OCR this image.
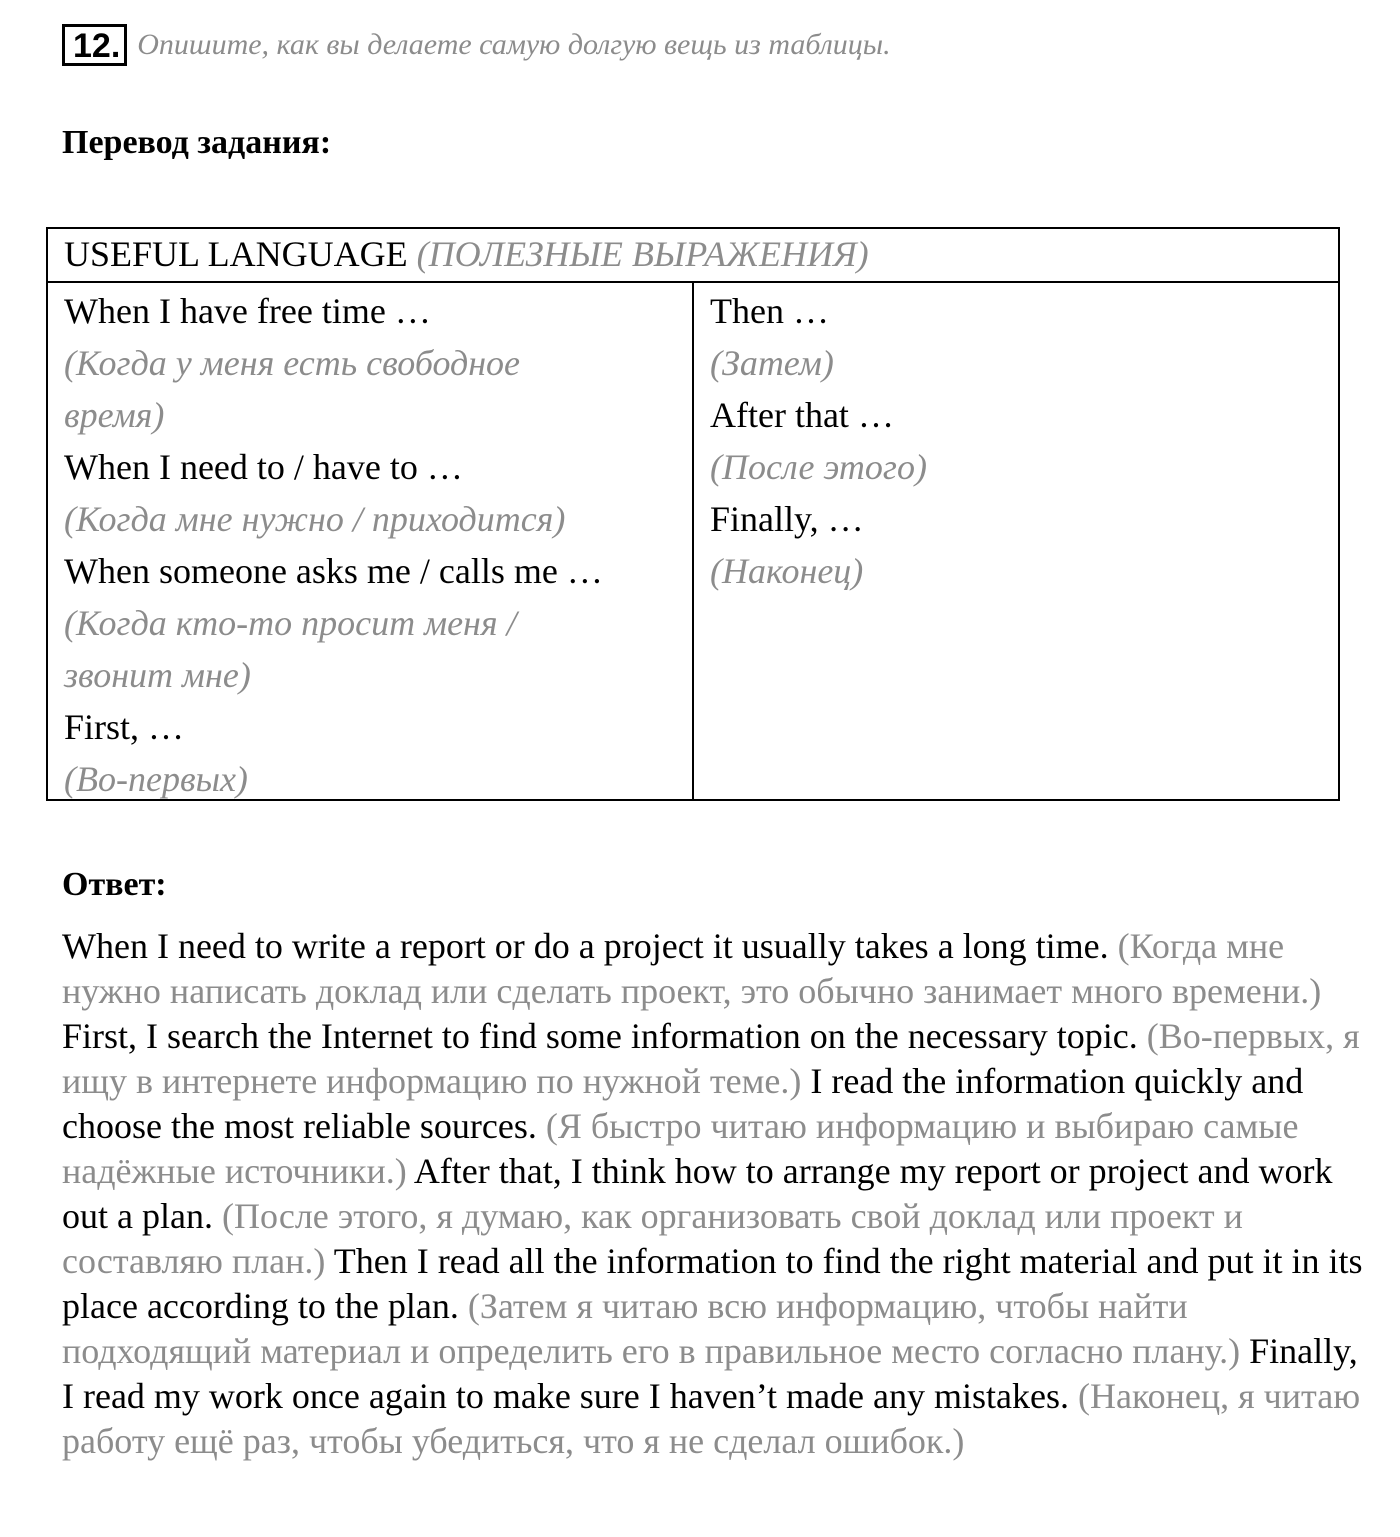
12. Опишите, как вы делаете самую долгую вещь из таблицы.
Перевод задания:
USEFUL LANGUAGE (ПОЛЕЗНЫЕ ВЫРАЖЕНИЯ)
When I have free time …
(Когда у меня есть свободное
время)
When I need to / have to …
(Когда мне нужно / приходится)
When someone asks me / calls me …
(Когда кто-то просит меня /
звонит мне)
First, …
(Во-первых)
Then …
(Затем)
After that …
(После этого)
Finally, …
(Наконец)
Ответ:
When I need to write a report or do a project it usually takes a long time. (Когда мне нужно написать доклад или сделать проект, это обычно занимает много времени.) First, I search the Internet to find some information on the necessary topic. (Во-первых, я ищу в интернете информацию по нужной теме.) I read the information quickly and choose the most reliable sources. (Я быстро читаю информацию и выбираю самые надёжные источники.) After that, I think how to arrange my report or project and work out a plan. (После этого, я думаю, как организовать свой доклад или проект и составляю план.) Then I read all the information to find the right material and put it in its place according to the plan. (Затем я читаю всю информацию, чтобы найти подходящий материал и определить его в правильное место согласно плану.) Finally, I read my work once again to make sure I haven’t made any mistakes. (Наконец, я читаю работу ещё раз, чтобы убедиться, что я не сделал ошибок.)
